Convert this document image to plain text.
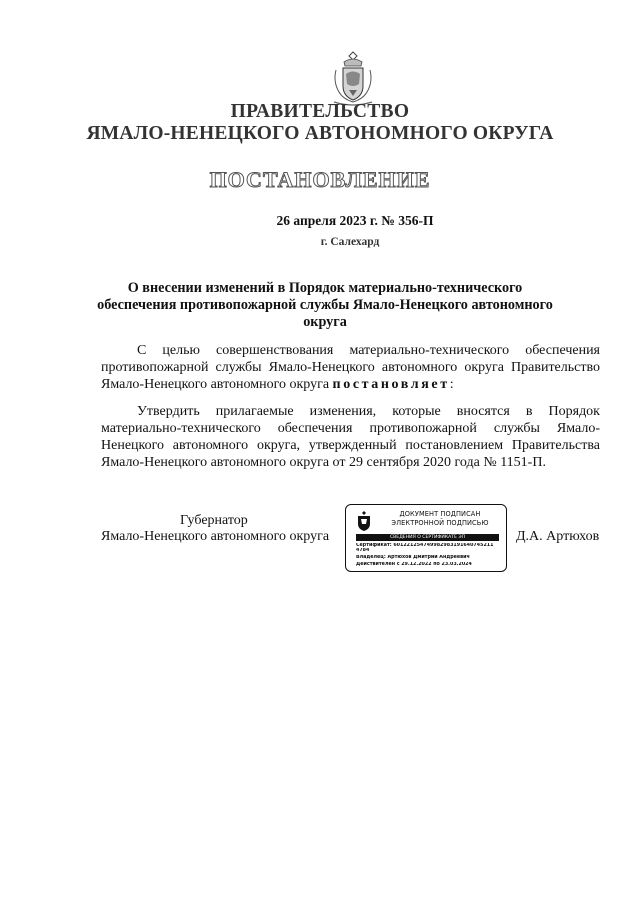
ПРАВИТЕЛЬСТВО
ЯМАЛО-НЕНЕЦКОГО АВТОНОМНОГО ОКРУГА
ПОСТАНОВЛЕНИЕ
26 апреля 2023 г. № 356-П
г. Салехард
О внесении изменений в Порядок материально-технического обеспечения противопожарной службы Ямало-Ненецкого автономного округа
С целью совершенствования материально-технического обеспечения противопожарной службы Ямало-Ненецкого автономного округа Правительство Ямало-Ненецкого автономного округа постановляет:
Утвердить прилагаемые изменения, которые вносятся в Порядок материально-технического обеспечения противопожарной службы Ямало-Ненецкого автономного округа, утвержденный постановлением Правительства Ямало-Ненецкого автономного округа от 29 сентября 2020 года № 1151-П.
Губернатор
Ямало-Ненецкого автономного округа	Д.А. Артюхов
ДОКУМЕНТ ПОДПИСАН
ЭЛЕКТРОННОЙ ПОДПИСЬЮ
СВЕДЕНИЯ О СЕРТИФИКАТЕ ЭП
Сертификат: 601221254749982983191640745211
4784
Владелец: Артюхов Дмитрий Андреевич
Действителен с 29.12.2022 по 23.03.2024
